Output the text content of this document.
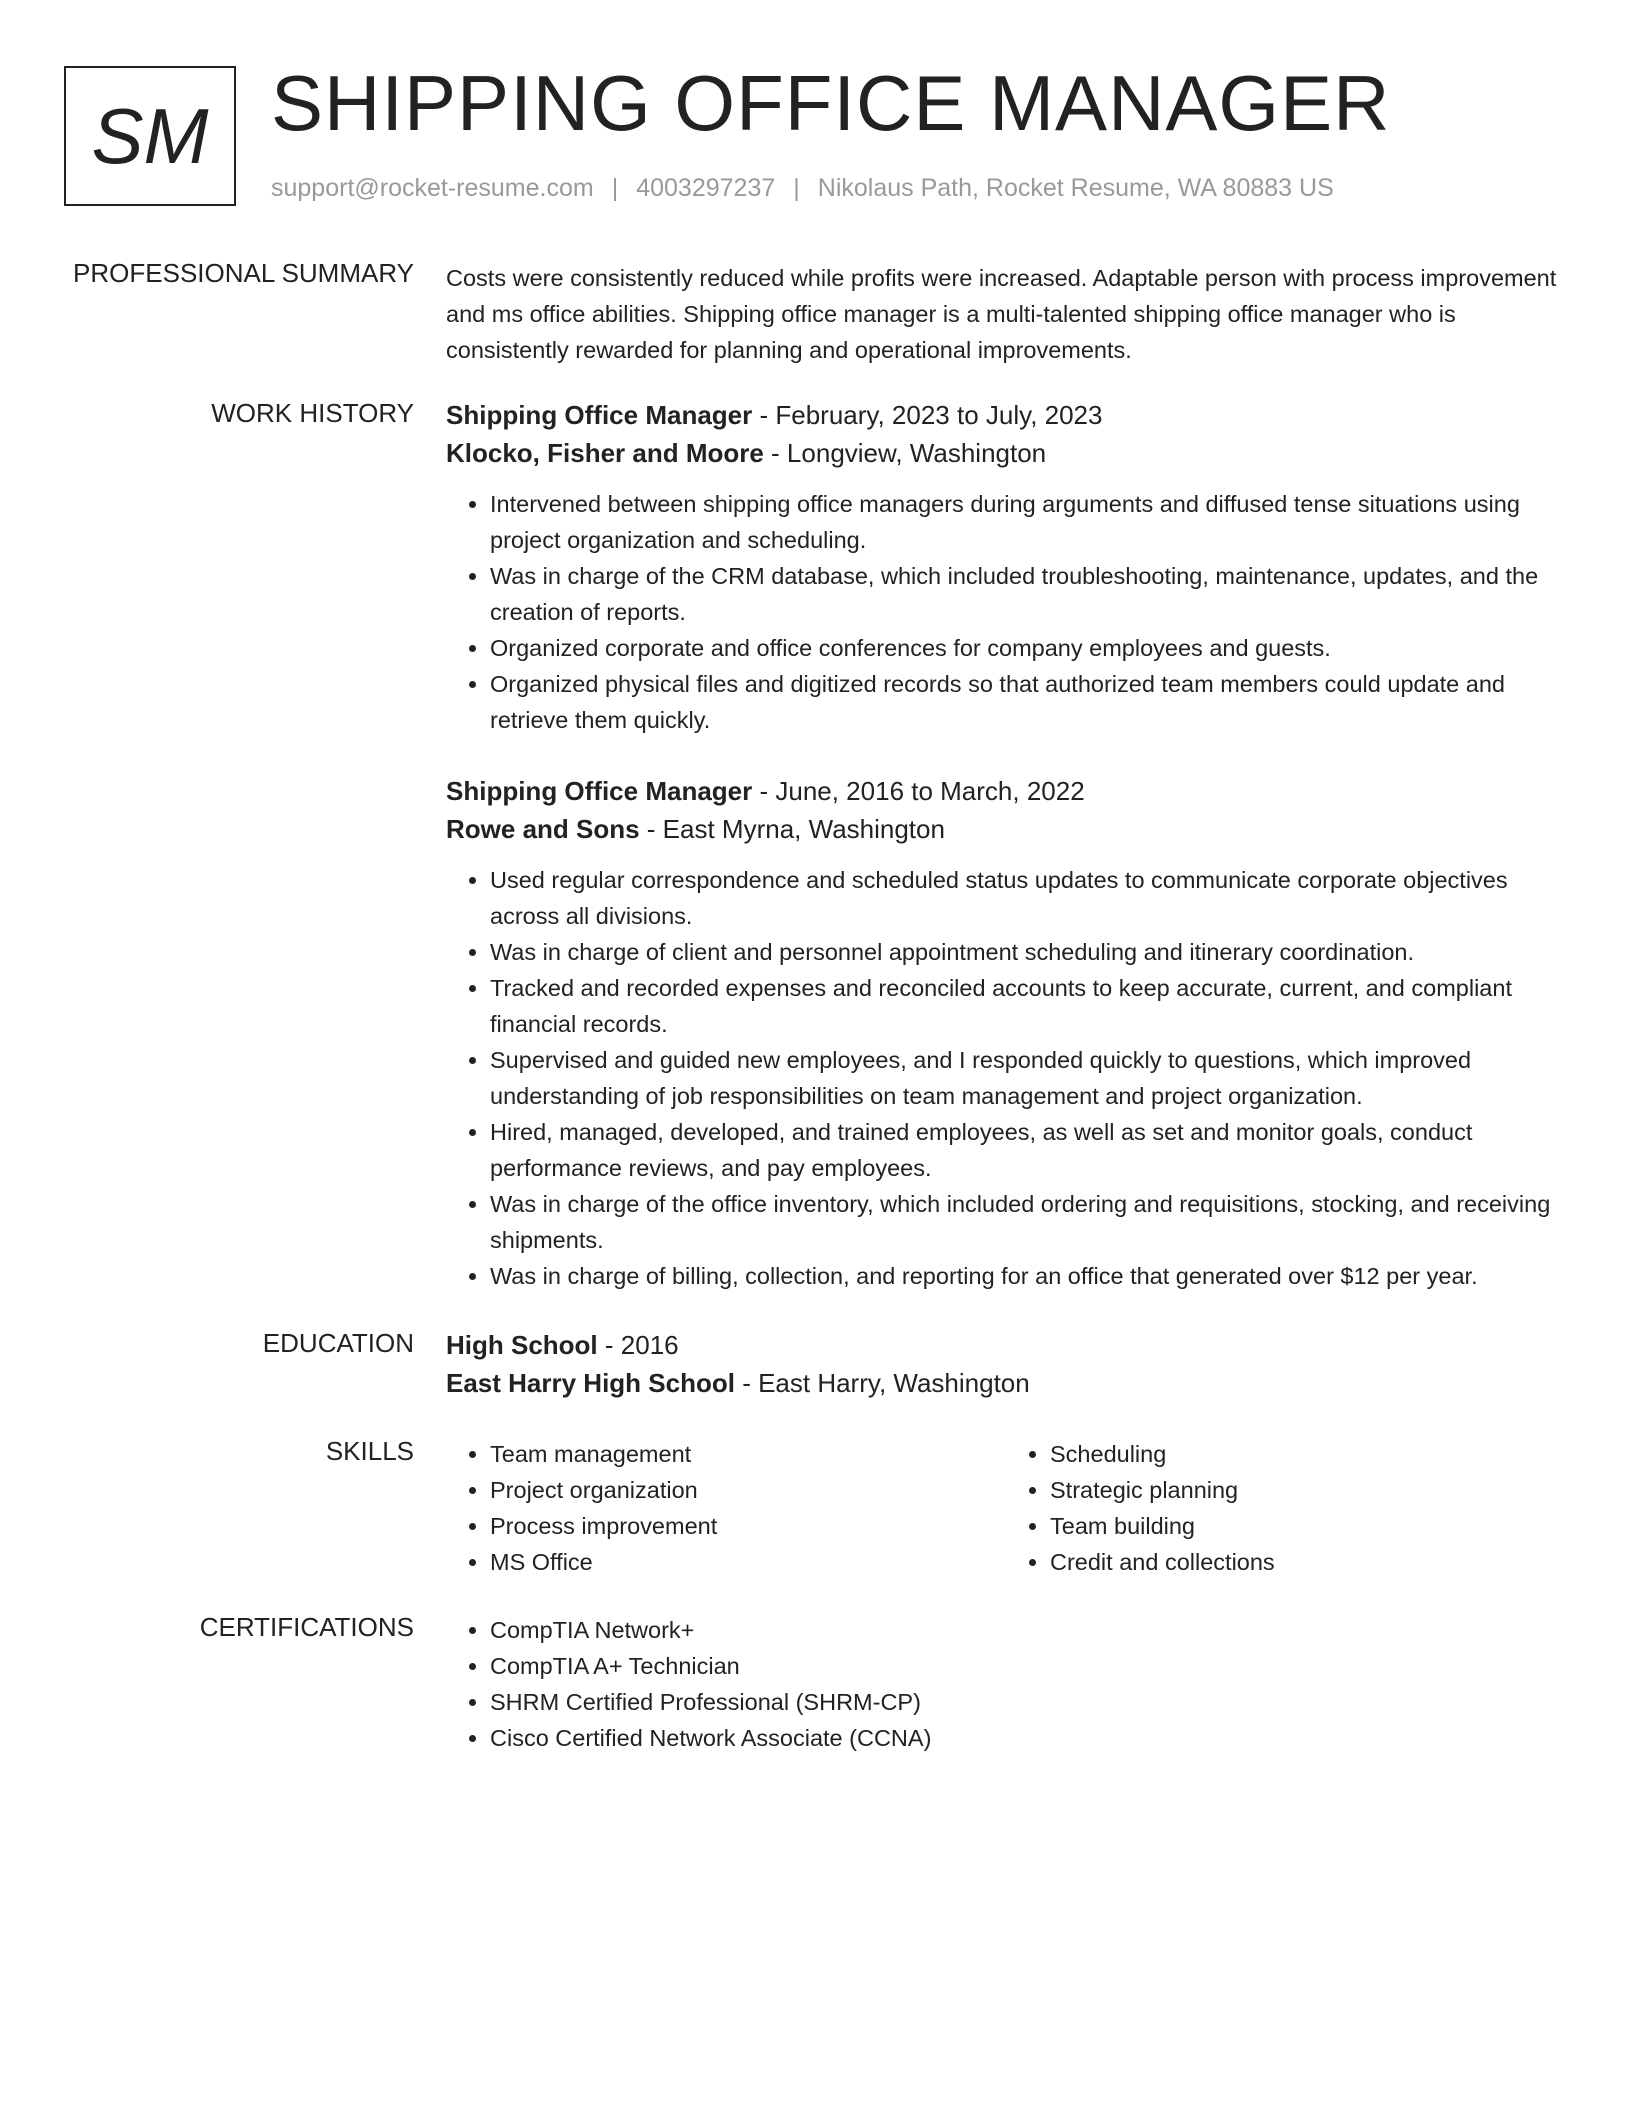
SM SHIPPING OFFICE MANAGER
support@rocket-resume.com | 4003297237 | Nikolaus Path, Rocket Resume, WA 80883 US
PROFESSIONAL SUMMARY Costs were consistently reduced while profits were increased. Adaptable person with process improvement and ms office abilities. Shipping office manager is a multi-talented shipping office manager who is consistently rewarded for planning and operational improvements.
WORK HISTORY Shipping Office Manager - February, 2023 to July, 2023
Klocko, Fisher and Moore - Longview, Washington
• Intervened between shipping office managers during arguments and diffused tense situations using project organization and scheduling.
• Was in charge of the CRM database, which included troubleshooting, maintenance, updates, and the creation of reports.
• Organized corporate and office conferences for company employees and guests.
• Organized physical files and digitized records so that authorized team members could update and retrieve them quickly.
Shipping Office Manager - June, 2016 to March, 2022
Rowe and Sons - East Myrna, Washington
• Used regular correspondence and scheduled status updates to communicate corporate objectives across all divisions.
• Was in charge of client and personnel appointment scheduling and itinerary coordination.
• Tracked and recorded expenses and reconciled accounts to keep accurate, current, and compliant financial records.
• Supervised and guided new employees, and I responded quickly to questions, which improved understanding of job responsibilities on team management and project organization.
• Hired, managed, developed, and trained employees, as well as set and monitor goals, conduct performance reviews, and pay employees.
• Was in charge of the office inventory, which included ordering and requisitions, stocking, and receiving shipments.
• Was in charge of billing, collection, and reporting for an office that generated over $12 per year.
EDUCATION High School - 2016
East Harry High School - East Harry, Washington
SKILLS	• Team management
• Project organization
• Process improvement
• MS Office
• Scheduling
• Strategic planning
• Team building
• Credit and collections
CERTIFICATIONS	• CompTIA Network+
• CompTIA A+ Technician
• SHRM Certified Professional (SHRM-CP)
• Cisco Certified Network Associate (CCNA)
